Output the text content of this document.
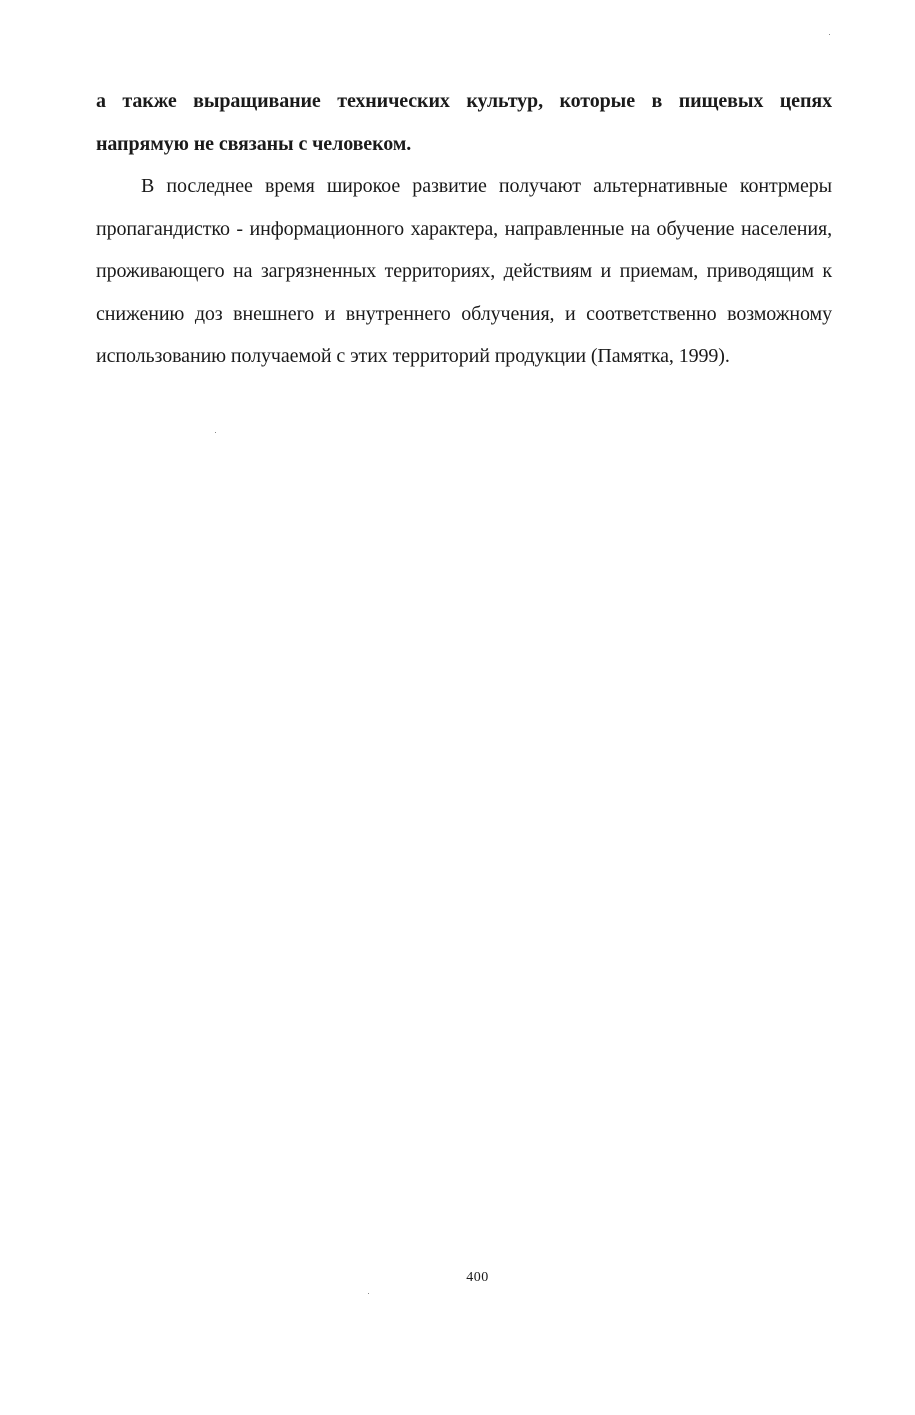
а также выращивание технических культур, которые в пищевых цепях напрямую не связаны с человеком.

В последнее время широкое развитие получают альтернативные контрмеры пропагандистко - информационного характера, направленные на обучение населения, проживающего на загрязненных территориях, действиям и приемам, приводящим к снижению доз внешнего и внутреннего облучения, и соответственно возможному использованию получаемой с этих территорий продукции (Памятка, 1999).

400
